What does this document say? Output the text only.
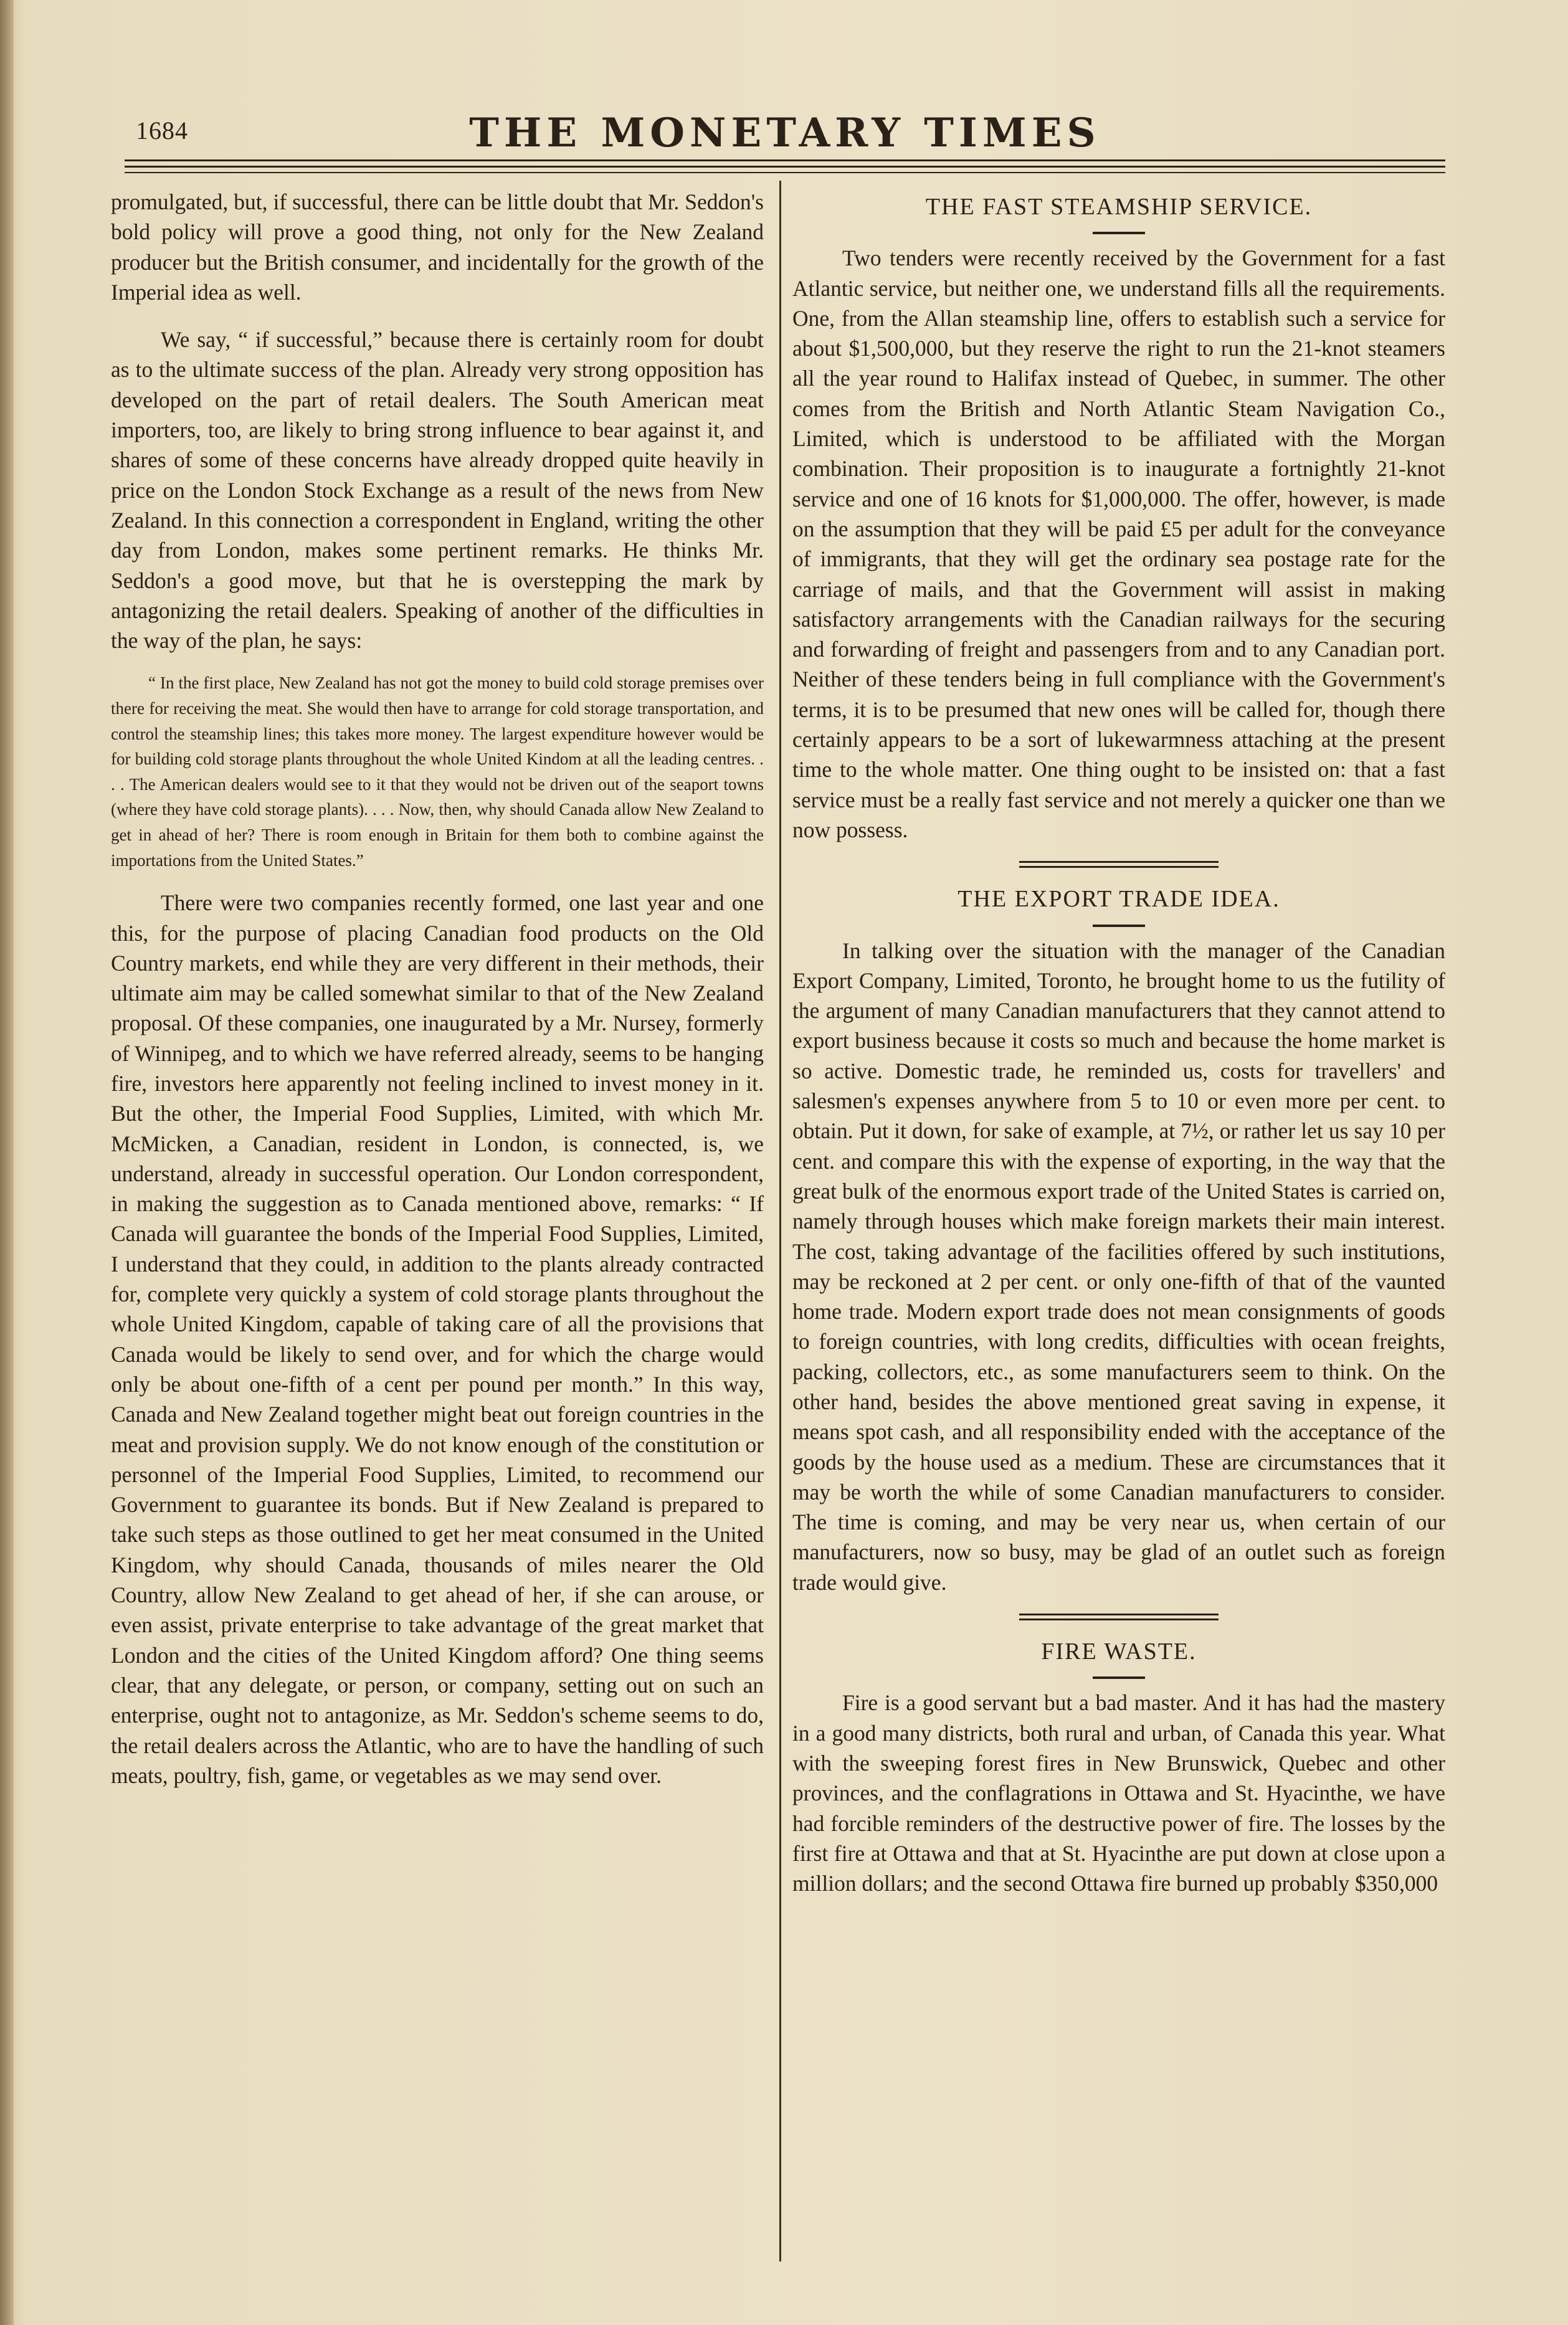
1684	THE MONETARY TIMES

promulgated, but, if successful, there can be little doubt that Mr. Seddon's bold policy will prove a good thing, not only for the New Zealand producer but the British consumer, and incidentally for the growth of the Imperial idea as well.

We say, “ if successful,” because there is certainly room for doubt as to the ultimate success of the plan. Already very strong opposition has developed on the part of retail dealers. The South American meat importers, too, are likely to bring strong influence to bear against it, and shares of some of these concerns have already dropped quite heavily in price on the London Stock Exchange as a result of the news from New Zealand. In this connection a correspondent in England, writing the other day from London, makes some pertinent remarks. He thinks Mr. Seddon's a good move, but that he is overstepping the mark by antagonizing the retail dealers. Speaking of another of the difficulties in the way of the plan, he says:

“ In the first place, New Zealand has not got the money to build cold storage premises over there for receiving the meat. She would then have to arrange for cold storage transportation, and control the steamship lines; this takes more money. The largest expenditure however would be for building cold storage plants throughout the whole United Kindom at all the leading centres. . . . The American dealers would see to it that they would not be driven out of the seaport towns (where they have cold storage plants). . . . Now, then, why should Canada allow New Zealand to get in ahead of her? There is room enough in Britain for them both to combine against the importations from the United States.”

There were two companies recently formed, one last year and one this, for the purpose of placing Canadian food products on the Old Country markets, end while they are very different in their methods, their ultimate aim may be called somewhat similar to that of the New Zealand proposal. Of these companies, one inaugurated by a Mr. Nursey, formerly of Winnipeg, and to which we have referred already, seems to be hanging fire, investors here apparently not feeling inclined to invest money in it. But the other, the Imperial Food Supplies, Limited, with which Mr. McMicken, a Canadian, resident in London, is connected, is, we understand, already in successful operation. Our London correspondent, in making the suggestion as to Canada mentioned above, remarks: “ If Canada will guarantee the bonds of the Imperial Food Supplies, Limited, I understand that they could, in addition to the plants already contracted for, complete very quickly a system of cold storage plants throughout the whole United Kingdom, capable of taking care of all the provisions that Canada would be likely to send over, and for which the charge would only be about one-fifth of a cent per pound per month.” In this way, Canada and New Zealand together might beat out foreign countries in the meat and provision supply. We do not know enough of the constitution or personnel of the Imperial Food Supplies, Limited, to recommend our Government to guarantee its bonds. But if New Zealand is prepared to take such steps as those outlined to get her meat consumed in the United Kingdom, why should Canada, thousands of miles nearer the Old Country, allow New Zealand to get ahead of her, if she can arouse, or even assist, private enterprise to take advantage of the great market that London and the cities of the United Kingdom afford? One thing seems clear, that any delegate, or person, or company, setting out on such an enterprise, ought not to antagonize, as Mr. Seddon's scheme seems to do, the retail dealers across the Atlantic, who are to have the handling of such meats, poultry, fish, game, or vegetables as we may send over.

THE FAST STEAMSHIP SERVICE.

Two tenders were recently received by the Government for a fast Atlantic service, but neither one, we understand fills all the requirements. One, from the Allan steamship line, offers to establish such a service for about $1,500,000, but they reserve the right to run the 21-knot steamers all the year round to Halifax instead of Quebec, in summer. The other comes from the British and North Atlantic Steam Navigation Co., Limited, which is understood to be affiliated with the Morgan combination. Their proposition is to inaugurate a fortnightly 21-knot service and one of 16 knots for $1,000,000. The offer, however, is made on the assumption that they will be paid £5 per adult for the conveyance of immigrants, that they will get the ordinary sea postage rate for the carriage of mails, and that the Government will assist in making satisfactory arrangements with the Canadian railways for the securing and forwarding of freight and passengers from and to any Canadian port. Neither of these tenders being in full compliance with the Government's terms, it is to be presumed that new ones will be called for, though there certainly appears to be a sort of lukewarmness attaching at the present time to the whole matter. One thing ought to be insisted on: that a fast service must be a really fast service and not merely a quicker one than we now possess.

THE EXPORT TRADE IDEA.

In talking over the situation with the manager of the Canadian Export Company, Limited, Toronto, he brought home to us the futility of the argument of many Canadian manufacturers that they cannot attend to export business because it costs so much and because the home market is so active. Domestic trade, he reminded us, costs for travellers' and salesmen's expenses anywhere from 5 to 10 or even more per cent. to obtain. Put it down, for sake of example, at 7½, or rather let us say 10 per cent. and compare this with the expense of exporting, in the way that the great bulk of the enormous export trade of the United States is carried on, namely through houses which make foreign markets their main interest. The cost, taking advantage of the facilities offered by such institutions, may be reckoned at 2 per cent. or only one-fifth of that of the vaunted home trade. Modern export trade does not mean consignments of goods to foreign countries, with long credits, difficulties with ocean freights, packing, collectors, etc., as some manufacturers seem to think. On the other hand, besides the above mentioned great saving in expense, it means spot cash, and all responsibility ended with the acceptance of the goods by the house used as a medium. These are circumstances that it may be worth the while of some Canadian manufacturers to consider. The time is coming, and may be very near us, when certain of our manufacturers, now so busy, may be glad of an outlet such as foreign trade would give.

FIRE WASTE.

Fire is a good servant but a bad master. And it has had the mastery in a good many districts, both rural and urban, of Canada this year. What with the sweeping forest fires in New Brunswick, Quebec and other provinces, and the conflagrations in Ottawa and St. Hyacinthe, we have had forcible reminders of the destructive power of fire. The losses by the first fire at Ottawa and that at St. Hyacinthe are put down at close upon a million dollars; and the second Ottawa fire burned up probably $350,000
